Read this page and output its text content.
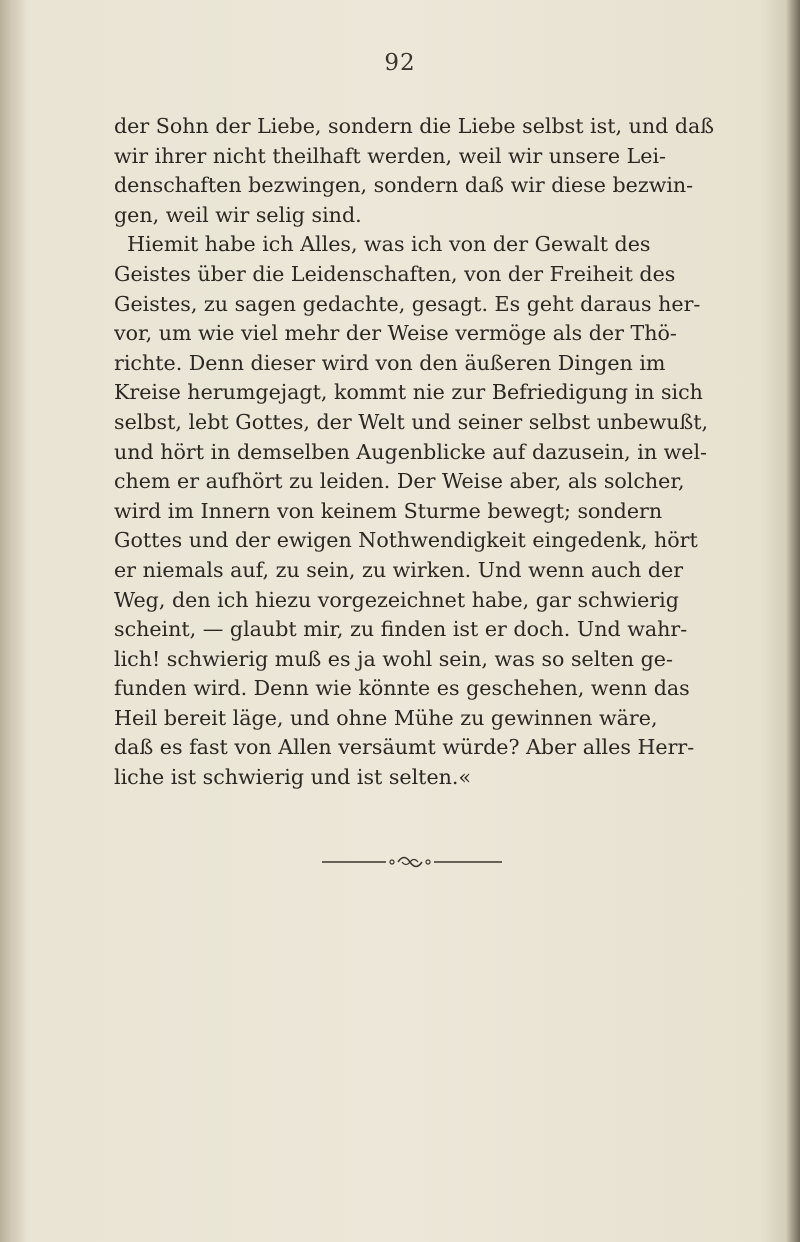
92
der Sohn der Liebe, sondern die Liebe selbst ist, und daß
wir ihrer nicht theilhaft werden, weil wir unsere Lei-
denschaften bezwingen, sondern daß wir diese bezwin-
gen, weil wir selig sind.
Hiemit habe ich Alles, was ich von der Gewalt des
Geistes über die Leidenschaften, von der Freiheit des
Geistes, zu sagen gedachte, gesagt. Es geht daraus her-
vor, um wie viel mehr der Weise vermöge als der Thö-
richte. Denn dieser wird von den äußeren Dingen im
Kreise herumgejagt, kommt nie zur Befriedigung in sich
selbst, lebt Gottes, der Welt und seiner selbst unbewußt,
und hört in demselben Augenblicke auf dazusein, in wel-
chem er aufhört zu leiden. Der Weise aber, als solcher,
wird im Innern von keinem Sturme bewegt; sondern
Gottes und der ewigen Nothwendigkeit eingedenk, hört
er niemals auf, zu sein, zu wirken. Und wenn auch der
Weg, den ich hiezu vorgezeichnet habe, gar schwierig
scheint, — glaubt mir, zu finden ist er doch. Und wahr-
lich! schwierig muß es ja wohl sein, was so selten ge-
funden wird. Denn wie könnte es geschehen, wenn das
Heil bereit läge, und ohne Mühe zu gewinnen wäre,
daß es fast von Allen versäumt würde? Aber alles Herr-
liche ist schwierig und ist selten.«
